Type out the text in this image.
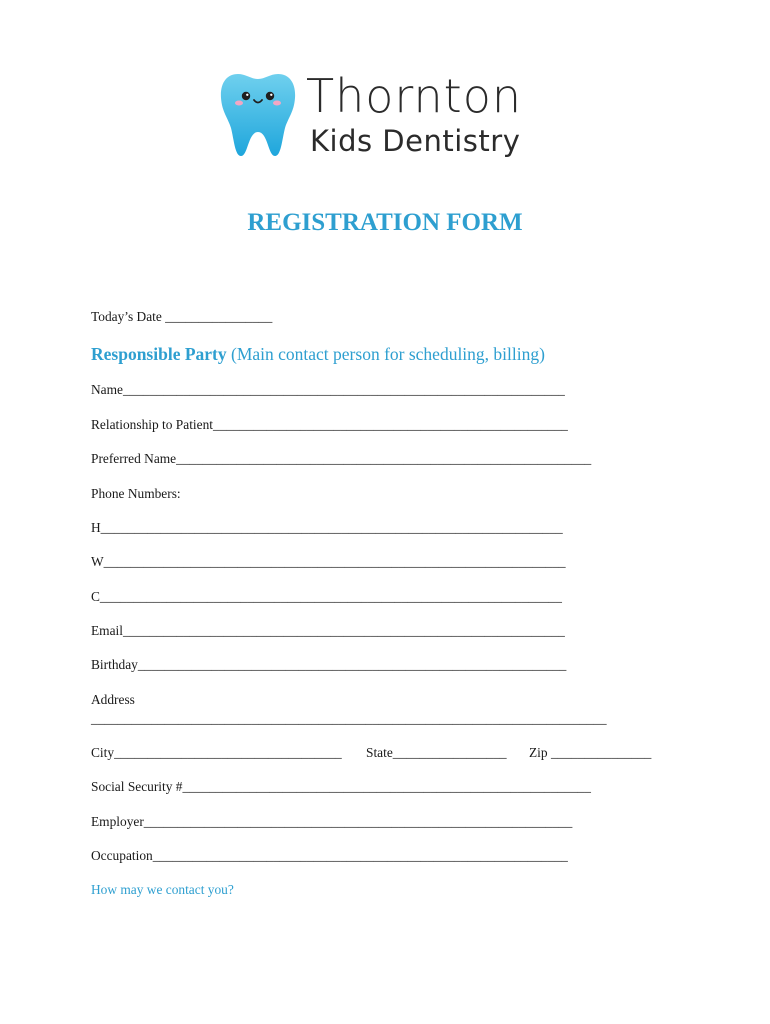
Thornton
Kids Dentistry
REGISTRATION FORM
Today’s Date ________________
Responsible Party (Main contact person for scheduling, billing)
Name__________________________________________________________________
Relationship to Patient_____________________________________________________
Preferred Name______________________________________________________________
Phone Numbers:
H_____________________________________________________________________
W_____________________________________________________________________
C_____________________________________________________________________
Email__________________________________________________________________
Birthday________________________________________________________________
Address
_____________________________________________________________________________
City__________________________________ State_________________ Zip _______________
Social Security #_____________________________________________________________
Employer________________________________________________________________
Occupation______________________________________________________________
How may we contact you?
